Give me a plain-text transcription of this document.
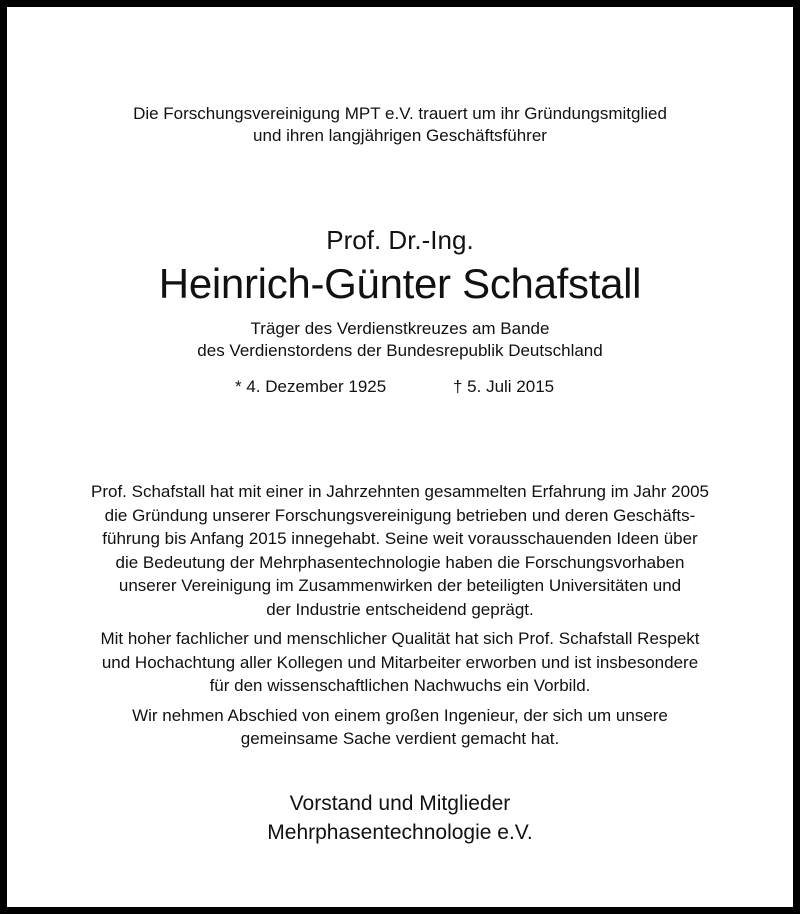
Die Forschungsvereinigung MPT e.V. trauert um ihr Gründungsmitglied
und ihren langjährigen Geschäftsführer
Prof. Dr.-Ing.
Heinrich-Günter Schafstall
Träger des Verdienstkreuzes am Bande
des Verdienstordens der Bundesrepublik Deutschland
* 4. Dezember 1925	† 5. Juli 2015

Prof. Schafstall hat mit einer in Jahrzehnten gesammelten Erfahrung im Jahr 2005
die Gründung unserer Forschungsvereinigung betrieben und deren Geschäfts-
führung bis Anfang 2015 innegehabt. Seine weit vorausschauenden Ideen über
die Bedeutung der Mehrphasentechnologie haben die Forschungsvorhaben
unserer Vereinigung im Zusammenwirken der beteiligten Universitäten und
der Industrie entscheidend geprägt.

Mit hoher fachlicher und menschlicher Qualität hat sich Prof. Schafstall Respekt
und Hochachtung aller Kollegen und Mitarbeiter erworben und ist insbesondere
für den wissenschaftlichen Nachwuchs ein Vorbild.

Wir nehmen Abschied von einem großen Ingenieur, der sich um unsere
gemeinsame Sache verdient gemacht hat.

Vorstand und Mitglieder
Mehrphasentechnologie e.V.
